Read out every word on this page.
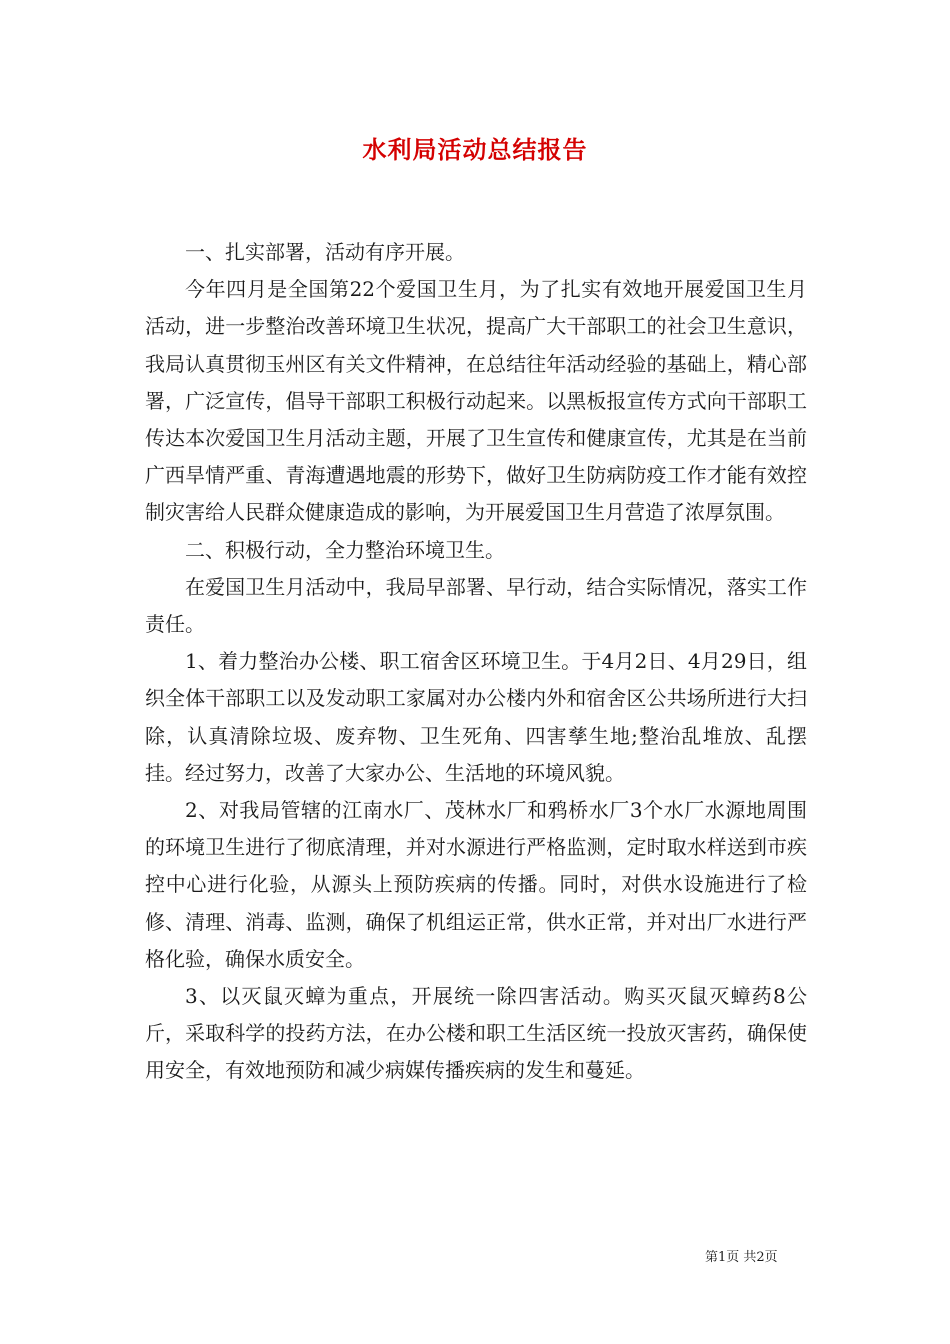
水利局活动总结报告

一、扎实部署，活动有序开展。

今年四月是全国第22个爱国卫生月，为了扎实有效地开展爱国卫生月活动，进一步整治改善环境卫生状况，提高广大干部职工的社会卫生意识，我局认真贯彻玉州区有关文件精神，在总结往年活动经验的基础上，精心部署，广泛宣传，倡导干部职工积极行动起来。以黑板报宣传方式向干部职工传达本次爱国卫生月活动主题，开展了卫生宣传和健康宣传，尤其是在当前广西旱情严重、青海遭遇地震的形势下，做好卫生防病防疫工作才能有效控制灾害给人民群众健康造成的影响，为开展爱国卫生月营造了浓厚氛围。

二、积极行动，全力整治环境卫生。

在爱国卫生月活动中，我局早部署、早行动，结合实际情况，落实工作责任。

1、着力整治办公楼、职工宿舍区环境卫生。于4月2日、4月29日，组织全体干部职工以及发动职工家属对办公楼内外和宿舍区公共场所进行大扫除，认真清除垃圾、废弃物、卫生死角、四害孳生地;整治乱堆放、乱摆挂。经过努力，改善了大家办公、生活地的环境风貌。

2、对我局管辖的江南水厂、茂林水厂和鸦桥水厂3个水厂水源地周围的环境卫生进行了彻底清理，并对水源进行严格监测，定时取水样送到市疾控中心进行化验，从源头上预防疾病的传播。同时，对供水设施进行了检修、清理、消毒、监测，确保了机组运正常，供水正常，并对出厂水进行严格化验，确保水质安全。

3、以灭鼠灭蟑为重点，开展统一除四害活动。购买灭鼠灭蟑药8公斤，采取科学的投药方法，在办公楼和职工生活区统一投放灭害药，确保使用安全，有效地预防和减少病媒传播疾病的发生和蔓延。

第1页 共2页
